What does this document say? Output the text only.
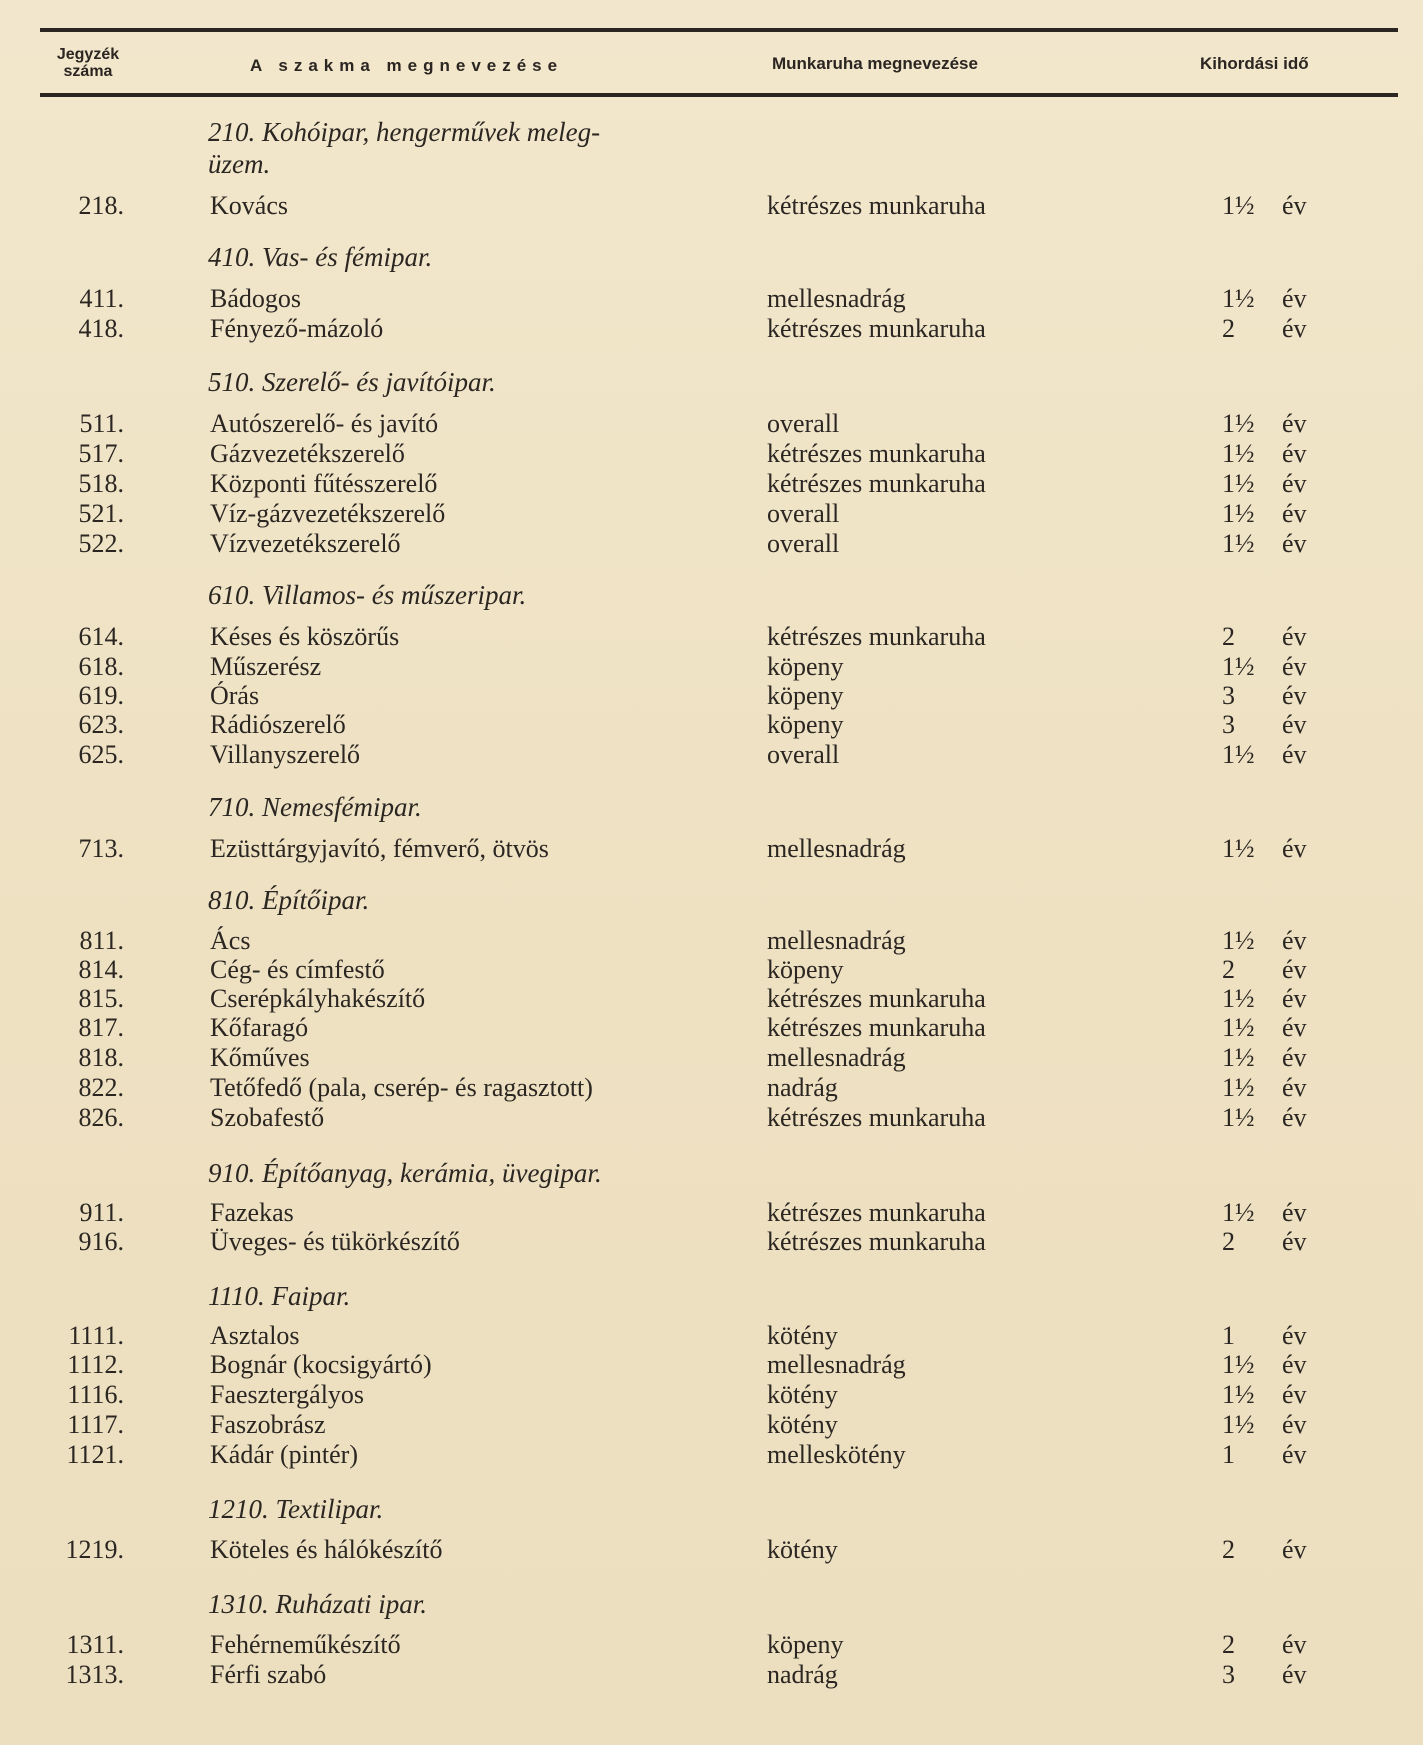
Jegyzék
száma	A szakma megnevezése	Munkaruha megnevezése	Kihordási idő
210. Kohóipar, hengerművek meleg-
üzem.
218.	Kovács	kétrészes munkaruha	1½ év
410. Vas- és fémipar.
411.	Bádogos	mellesnadrág	1½ év
418.	Fényező-mázoló	kétrészes munkaruha	2	év
510. Szerelő- és javítóipar.
511.	Autószerelő- és javító	overall	1½ év
517.	Gázvezetékszerelő	kétrészes munkaruha	1½ év
518.	Központi fűtésszerelő	kétrészes munkaruha	1½ év
521.	Víz-gázvezetékszerelő	overall	1½ év
522.	Vízvezetékszerelő	overall	1½ év
610. Villamos- és műszeripar.
614.	Késes és köszörűs	kétrészes munkaruha	2	év
618.	Műszerész	köpeny	1½ év
619.	Órás	köpeny	3	év
623.	Rádiószerelő	köpeny	3	év
625.	Villanyszerelő	overall	1½ év
710. Nemesfémipar.
713.	Ezüsttárgyjavító, fémverő, ötvös	mellesnadrág	1½ év
810. Építőipar.
811.	Ács	mellesnadrág	1½ év
814.	Cég- és címfestő	köpeny	2	év
815.	Cserépkályhakészítő	kétrészes munkaruha	1½ év
817.	Kőfaragó	kétrészes munkaruha	1½ év
818.	Kőműves	mellesnadrág	1½ év
822.	Tetőfedő (pala, cserép- és ragasztott)	nadrág	1½ év
826.	Szobafestő	kétrészes munkaruha	1½ év
910. Építőanyag, kerámia, üvegipar.
911.	Fazekas	kétrészes munkaruha	1½ év
916.	Üveges- és tükörkészítő	kétrészes munkaruha	2	év
1110. Faipar.
1111.	Asztalos	kötény	1	év
1112.	Bognár (kocsigyártó)	mellesnadrág	1½ év
1116.	Faesztergályos	kötény	1½ év
1117.	Faszobrász	kötény	1½ év
1121.	Kádár (pintér)	melleskötény	1	év
1210. Textilipar.
1219.	Köteles és hálókészítő	kötény	2	év
1310. Ruházati ipar.
1311.	Fehérneműkészítő	köpeny	2	év
1313.	Férfi szabó	nadrág	3	év
